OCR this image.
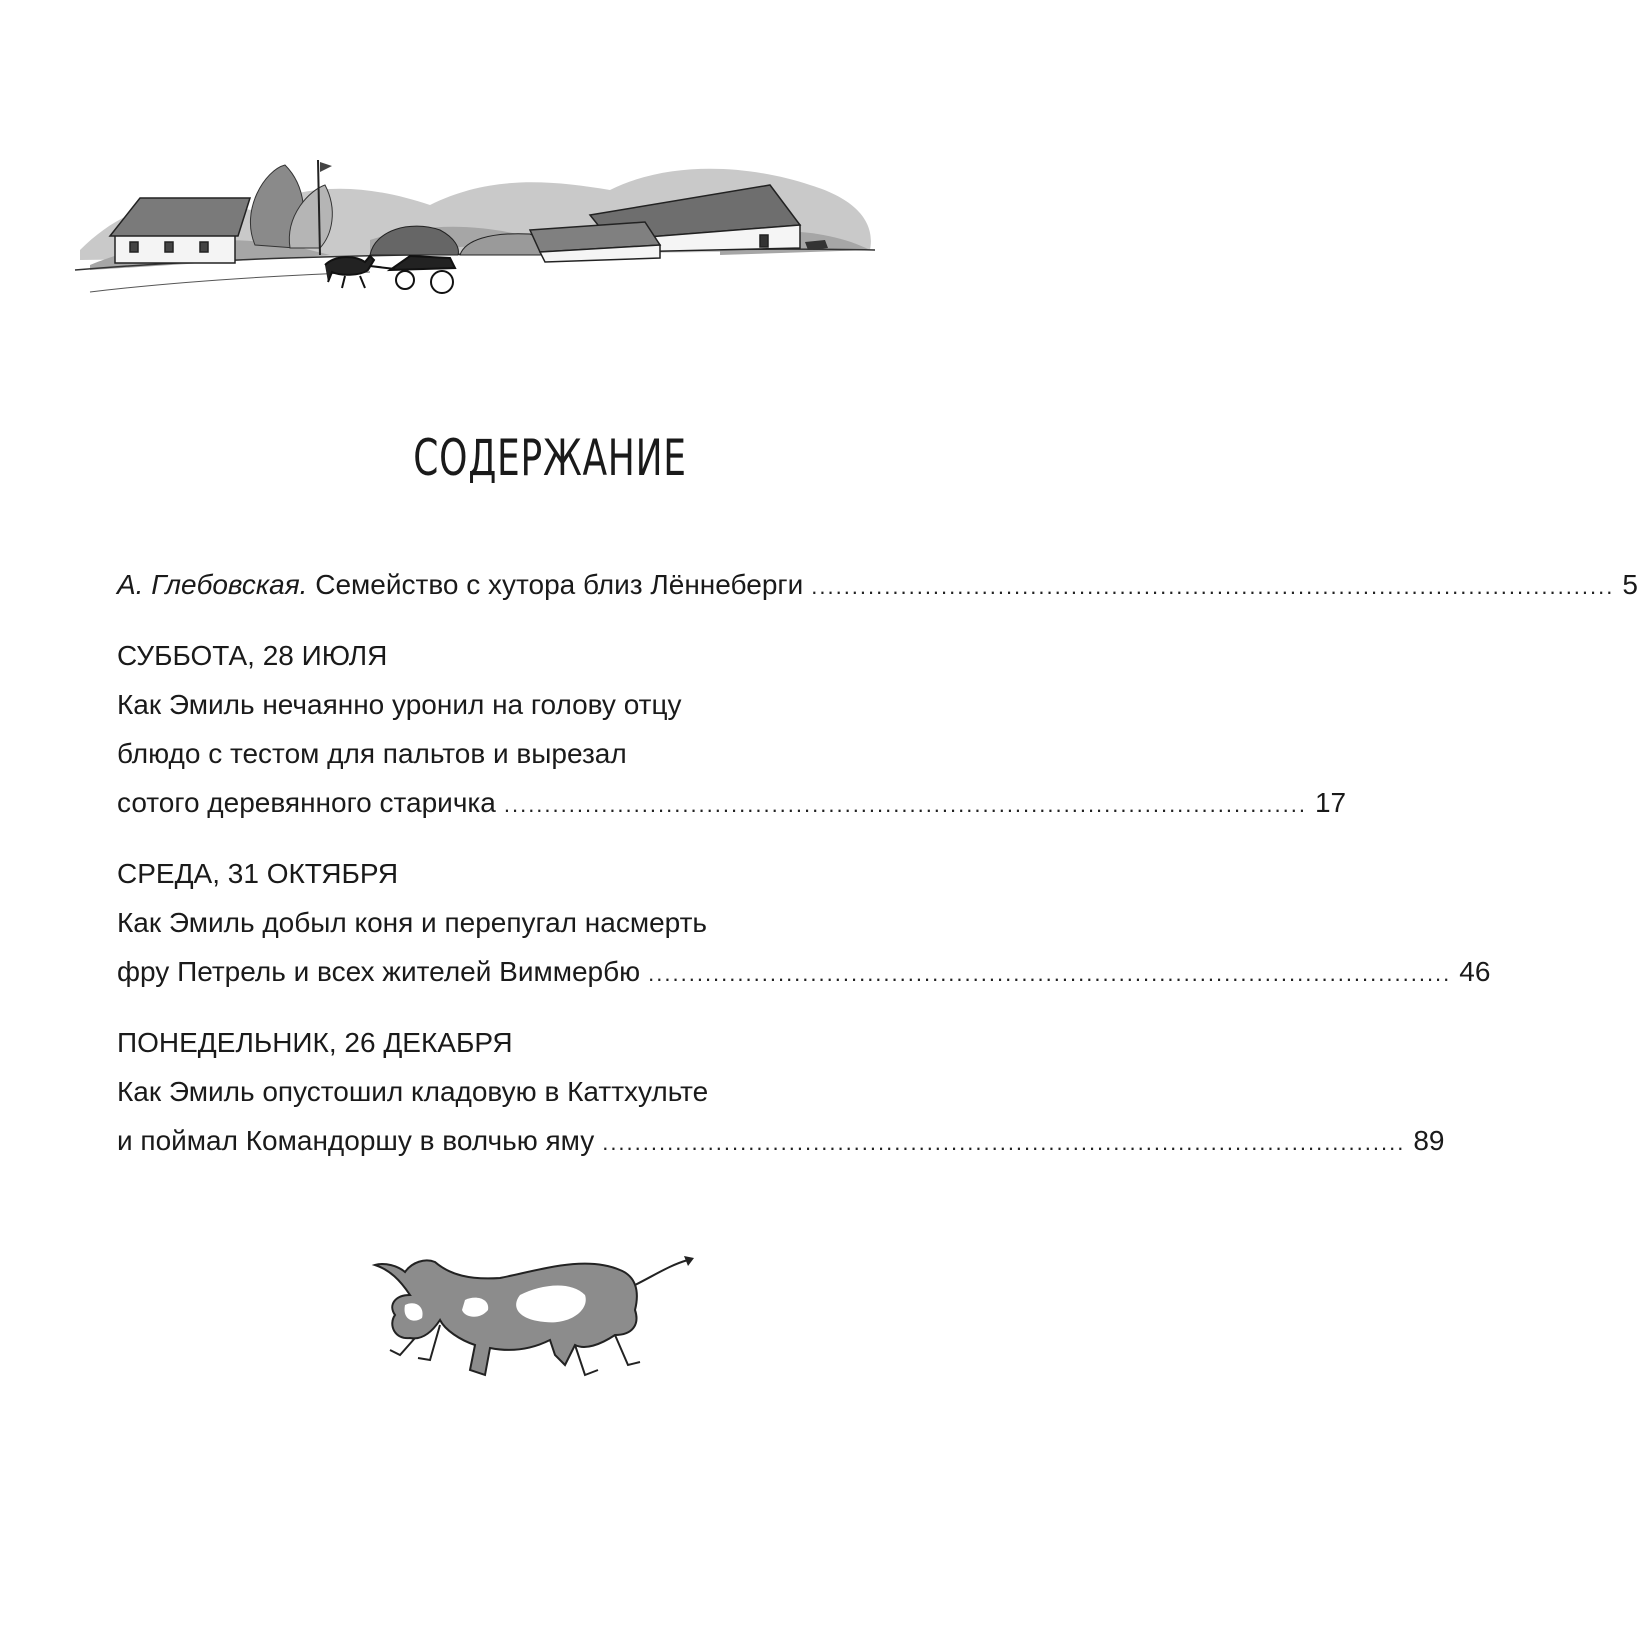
СОДЕРЖАНИЕ
А. Глебовская. Семейство с хутора близ Лённеберги ................................................................................................... 5
СУББОТА, 28 ИЮЛЯ
Как Эмиль нечаянно уронил на голову отцу
блюдо с тестом для пальтов и вырезал
сотого деревянного старичка ................................................................................................... 17
СРЕДА, 31 ОКТЯБРЯ
Как Эмиль добыл коня и перепугал насмерть
фру Петрель и всех жителей Виммербю ................................................................................................... 46
ПОНЕДЕЛЬНИК, 26 ДЕКАБРЯ
Как Эмиль опустошил кладовую в Каттхульте
и поймал Командоршу в волчью яму ................................................................................................... 89
